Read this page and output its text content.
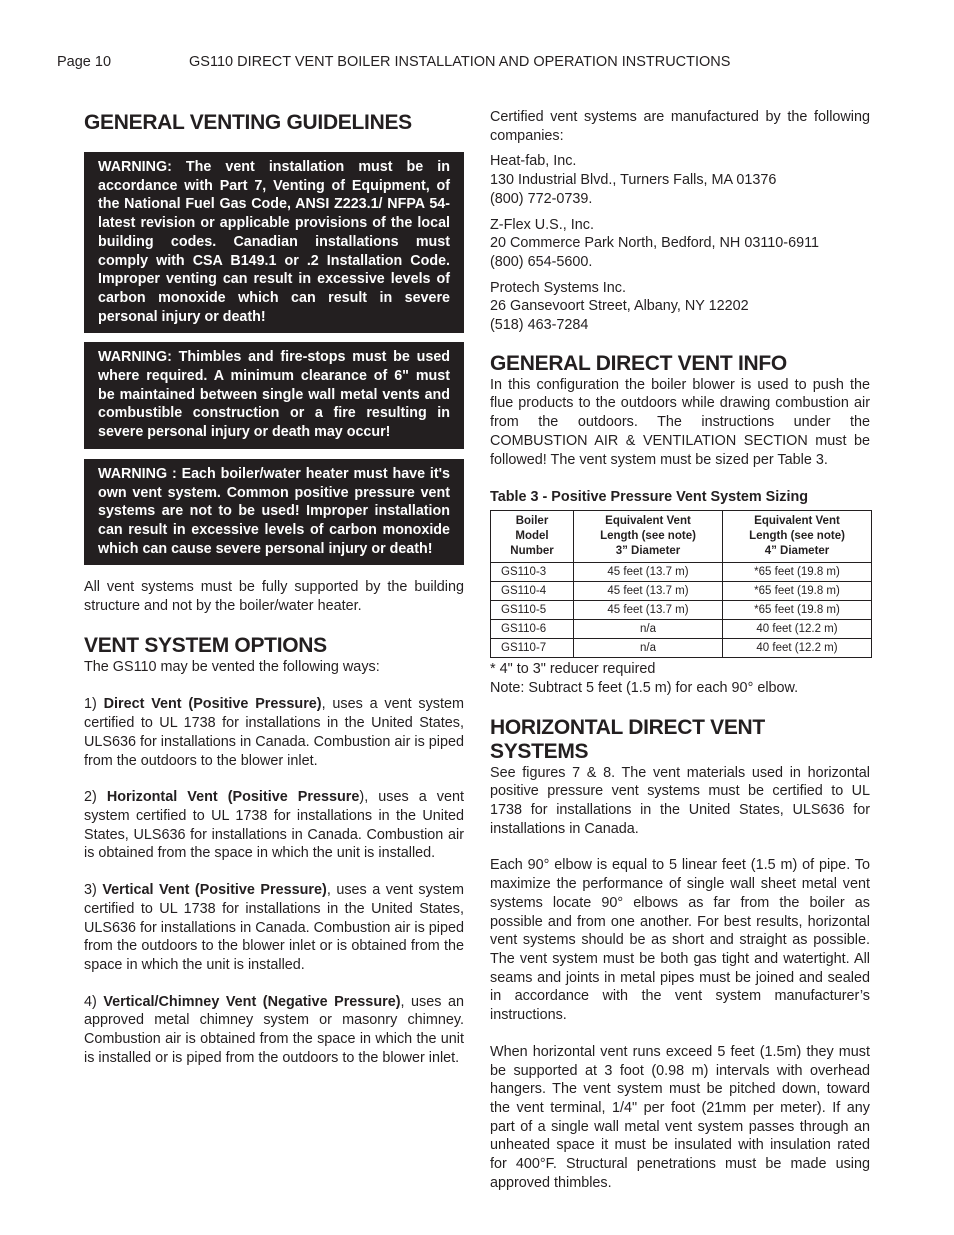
Page 10	GS110 DIRECT VENT BOILER INSTALLATION AND OPERATION INSTRUCTIONS
GENERAL VENTING GUIDELINES
WARNING: The vent installation must be in accordance with Part 7, Venting of Equipment, of the National Fuel Gas Code, ANSI Z223.1/ NFPA 54-latest revision or applicable provisions of the local building codes. Canadian installations must comply with CSA B149.1 or .2 Installation Code. Improper venting can result in excessive levels of carbon monoxide which can result in severe personal injury or death!
WARNING: Thimbles and fire-stops must be used where required. A minimum clearance of 6" must be maintained between single wall metal vents and combustible construction or a fire resulting in severe personal injury or death may occur!
WARNING : Each boiler/water heater must have it's own vent system. Common positive pressure vent systems are not to be used! Improper installation can result in excessive levels of carbon monoxide which can cause severe personal injury or death!

All vent systems must be fully supported by the building structure and not by the boiler/water heater.

VENT SYSTEM OPTIONS

The GS110 may be vented the following ways:

1) Direct Vent (Positive Pressure), uses a vent system certified to UL 1738 for installations in the United States, ULS636 for installations in Canada. Combustion air is piped from the outdoors to the blower inlet.

2) Horizontal Vent (Positive Pressure), uses a vent system certified to UL 1738 for installations in the United States, ULS636 for installations in Canada. Combustion air is obtained from the space in which the unit is installed.

3) Vertical Vent (Positive Pressure), uses a vent system certified to UL 1738 for installations in the United States, ULS636 for installations in Canada. Combustion air is piped from the outdoors to the blower inlet or is obtained from the space in which the unit is installed.

4) Vertical/Chimney Vent (Negative Pressure), uses an approved metal chimney system or masonry chimney. Combustion air is obtained from the space in which the unit is installed or is piped from the outdoors to the blower inlet.

Certified vent systems are manufactured by the following companies:

Heat-fab, Inc.
130 Industrial Blvd., Turners Falls, MA 01376
(800) 772-0739.

Z-Flex U.S., Inc.
20 Commerce Park North, Bedford, NH 03110-6911
(800) 654-5600.

Protech Systems Inc.
26 Gansevoort Street, Albany, NY 12202
(518) 463-7284

GENERAL DIRECT VENT INFO

In this configuration the boiler blower is used to push the flue products to the outdoors while drawing combustion air from the outdoors. The instructions under the COMBUSTION AIR & VENTILATION SECTION must be followed! The vent system must be sized per Table 3.

Table 3 - Positive Pressure Vent System Sizing
Boiler
Model
Number	Equivalent Vent
Length (see note)
3” Diameter	Equivalent Vent
Length (see note)
4” Diameter
GS110-3	45 feet (13.7 m)	*65 feet (19.8 m)
GS110-4	45 feet (13.7 m)	*65 feet (19.8 m)
GS110-5	45 feet (13.7 m)	*65 feet (19.8 m)
GS110-6	n/a	40 feet (12.2 m)
GS110-7	n/a	40 feet (12.2 m)

* 4" to 3" reducer required

Note: Subtract 5 feet (1.5 m) for each 90° elbow.

HORIZONTAL DIRECT VENT
SYSTEMS

See figures 7 & 8. The vent materials used in horizontal positive pressure vent systems must be certified to UL 1738 for installations in the United States, ULS636 for installations in Canada.

Each 90° elbow is equal to 5 linear feet (1.5 m) of pipe. To maximize the performance of single wall sheet metal vent systems locate 90° elbows as far from the boiler as possible and from one another. For best results, horizontal vent systems should be as short and straight as possible. The vent system must be both gas tight and watertight. All seams and joints in metal pipes must be joined and sealed in accordance with the vent system manufacturer’s instructions.

When horizontal vent runs exceed 5 feet (1.5m) they must be supported at 3 foot (0.98 m) intervals with overhead hangers. The vent system must be pitched down, toward the vent terminal, 1/4" per foot (21mm per meter). If any part of a single wall metal vent system passes through an unheated space it must be insulated with insulation rated for 400°F. Structural penetrations must be made using approved thimbles.
